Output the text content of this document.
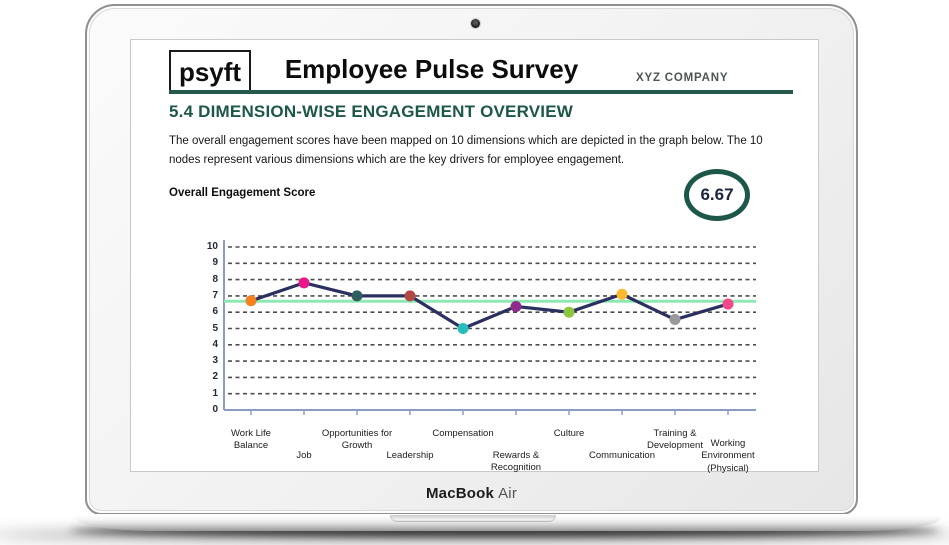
psyft	Employee Pulse Survey	XYZ COMPANY
5.4 DIMENSION-WISE ENGAGEMENT OVERVIEW
The overall engagement scores have been mapped on 10 dimensions which are depicted in the graph below. The 10 nodes represent various dimensions which are the key drivers for employee engagement.
Overall Engagement Score	6.67
0
1
2
3
4
5
6
7
8
9
10
Work Life Balance
Job
Opportunities for Growth
Leadership
Compensation
Rewards & Recognition
Culture
Communication
Training & Development Working Environment (Physical)
MacBook Air
